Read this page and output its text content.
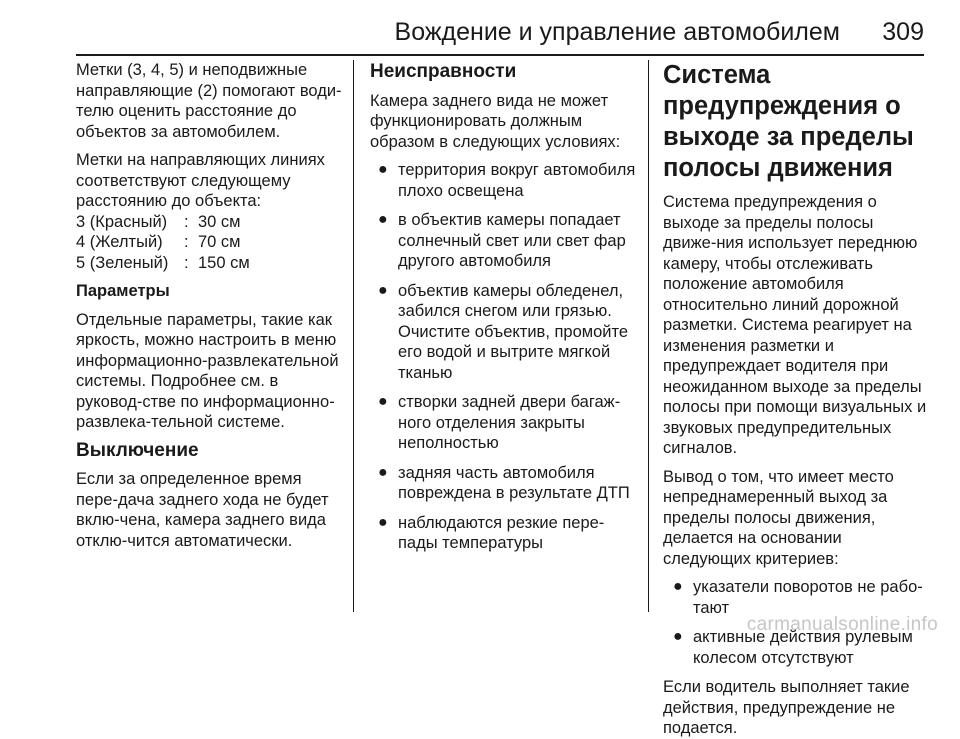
Вождение и управление автомобилем 309

Метки (3, 4, 5) и неподвижные направляющие (2) помогают води-телю оценить расстояние до объектов за автомобилем.

Метки на направляющих линиях соответствуют следующему расстоянию до объекта:

3 (Красный)	: 30 см
4 (Желтый)	: 70 см
5 (Зеленый) : 150 см

Параметры

Отдельные параметры, такие как яркость, можно настроить в меню информационно-развлекательной системы. Подробнее см. в руковод-стве по информационно-развлека-тельной системе.

Выключение

Если за определенное время пере-дача заднего хода не будет вклю-чена, камера заднего вида отклю-чится автоматически.

Неисправности

Камера заднего вида не может функционировать должным образом в следующих условиях:

● территория вокруг автомобиля плохо освещена
● в объектив камеры попадает солнечный свет или свет фар другого автомобиля
● объектив камеры обледенел, забился снегом или грязью. Очистите объектив, промойте его водой и вытрите мягкой тканью
● створки задней двери багаж-ного отделения закрыты неполностью
● задняя часть автомобиля повреждена в результате ДТП
● наблюдаются резкие пере-пады температуры

Система предупреждения о выходе за пределы полосы движения

Система предупреждения о выходе за пределы полосы движе-ния использует переднюю камеру, чтобы отслеживать положение автомобиля относительно линий дорожной разметки. Система реагирует на изменения разметки и предупреждает водителя при неожиданном выходе за пределы полосы при помощи визуальных и звуковых предупредительных сигналов.

Вывод о том, что имеет место непреднамеренный выход за пределы полосы движения, делается на основании следующих критериев:

● указатели поворотов не рабо-тают
● активные действия рулевым колесом отсутствуют

Если водитель выполняет такие действия, предупреждение не подается.

carmanualsonline.info
